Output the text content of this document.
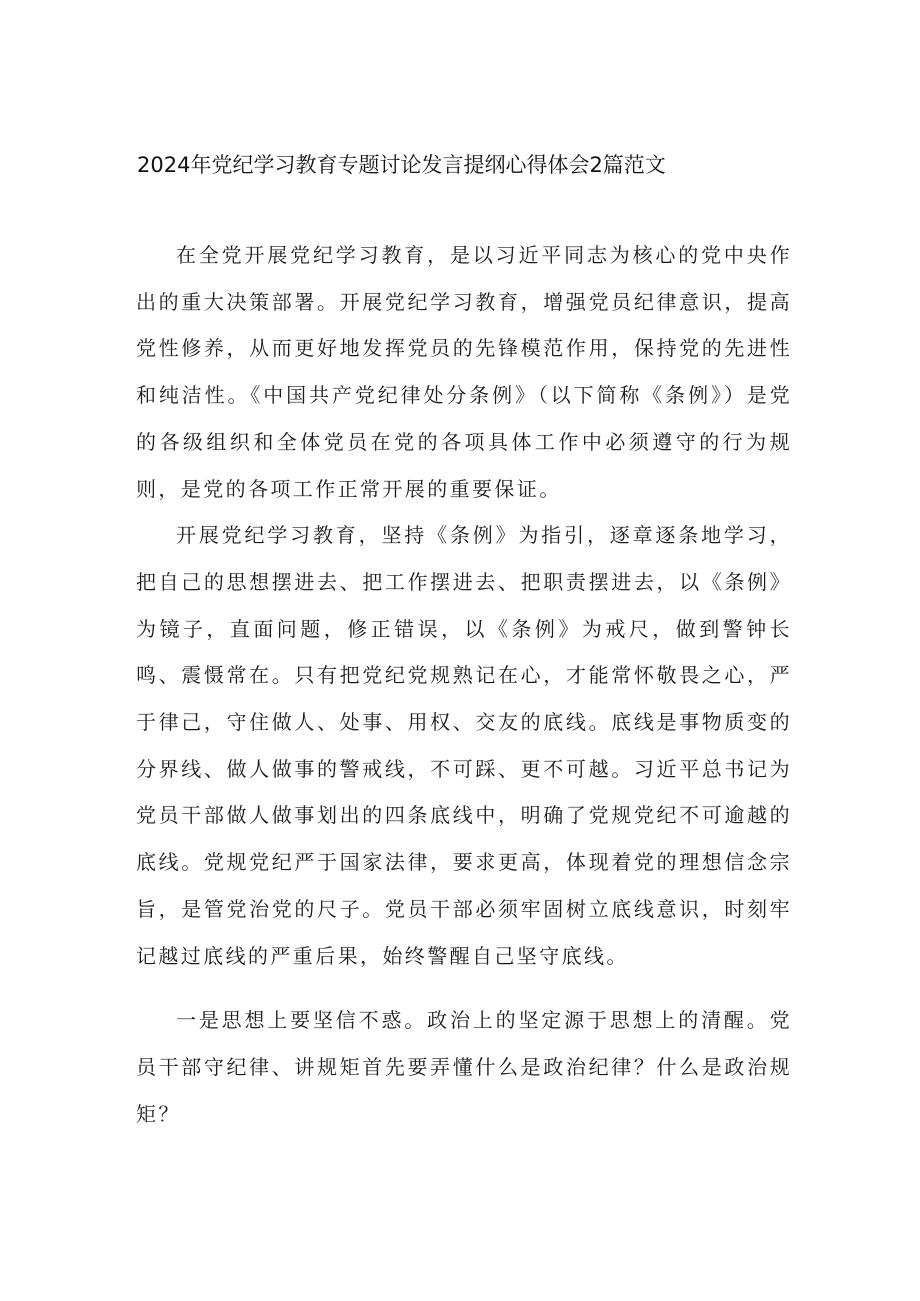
2024年党纪学习教育专题讨论发言提纲心得体会2篇范文

在全党开展党纪学习教育，是以习近平同志为核心的党中央作出的重大决策部署。开展党纪学习教育，增强党员纪律意识，提高党性修养，从而更好地发挥党员的先锋模范作用，保持党的先进性和纯洁性。《中国共产党纪律处分条例》（以下简称《条例》）是党的各级组织和全体党员在党的各项具体工作中必须遵守的行为规则，是党的各项工作正常开展的重要保证。

开展党纪学习教育，坚持《条例》为指引，逐章逐条地学习，把自己的思想摆进去、把工作摆进去、把职责摆进去，以《条例》为镜子，直面问题，修正错误，以《条例》为戒尺，做到警钟长鸣、震慑常在。只有把党纪党规熟记在心，才能常怀敬畏之心，严于律己，守住做人、处事、用权、交友的底线。底线是事物质变的分界线、做人做事的警戒线，不可踩、更不可越。习近平总书记为党员干部做人做事划出的四条底线中，明确了党规党纪不可逾越的底线。党规党纪严于国家法律，要求更高，体现着党的理想信念宗旨，是管党治党的尺子。党员干部必须牢固树立底线意识，时刻牢记越过底线的严重后果，始终警醒自己坚守底线。

一是思想上要坚信不惑。政治上的坚定源于思想上的清醒。党员干部守纪律、讲规矩首先要弄懂什么是政治纪律？什么是政治规矩？
